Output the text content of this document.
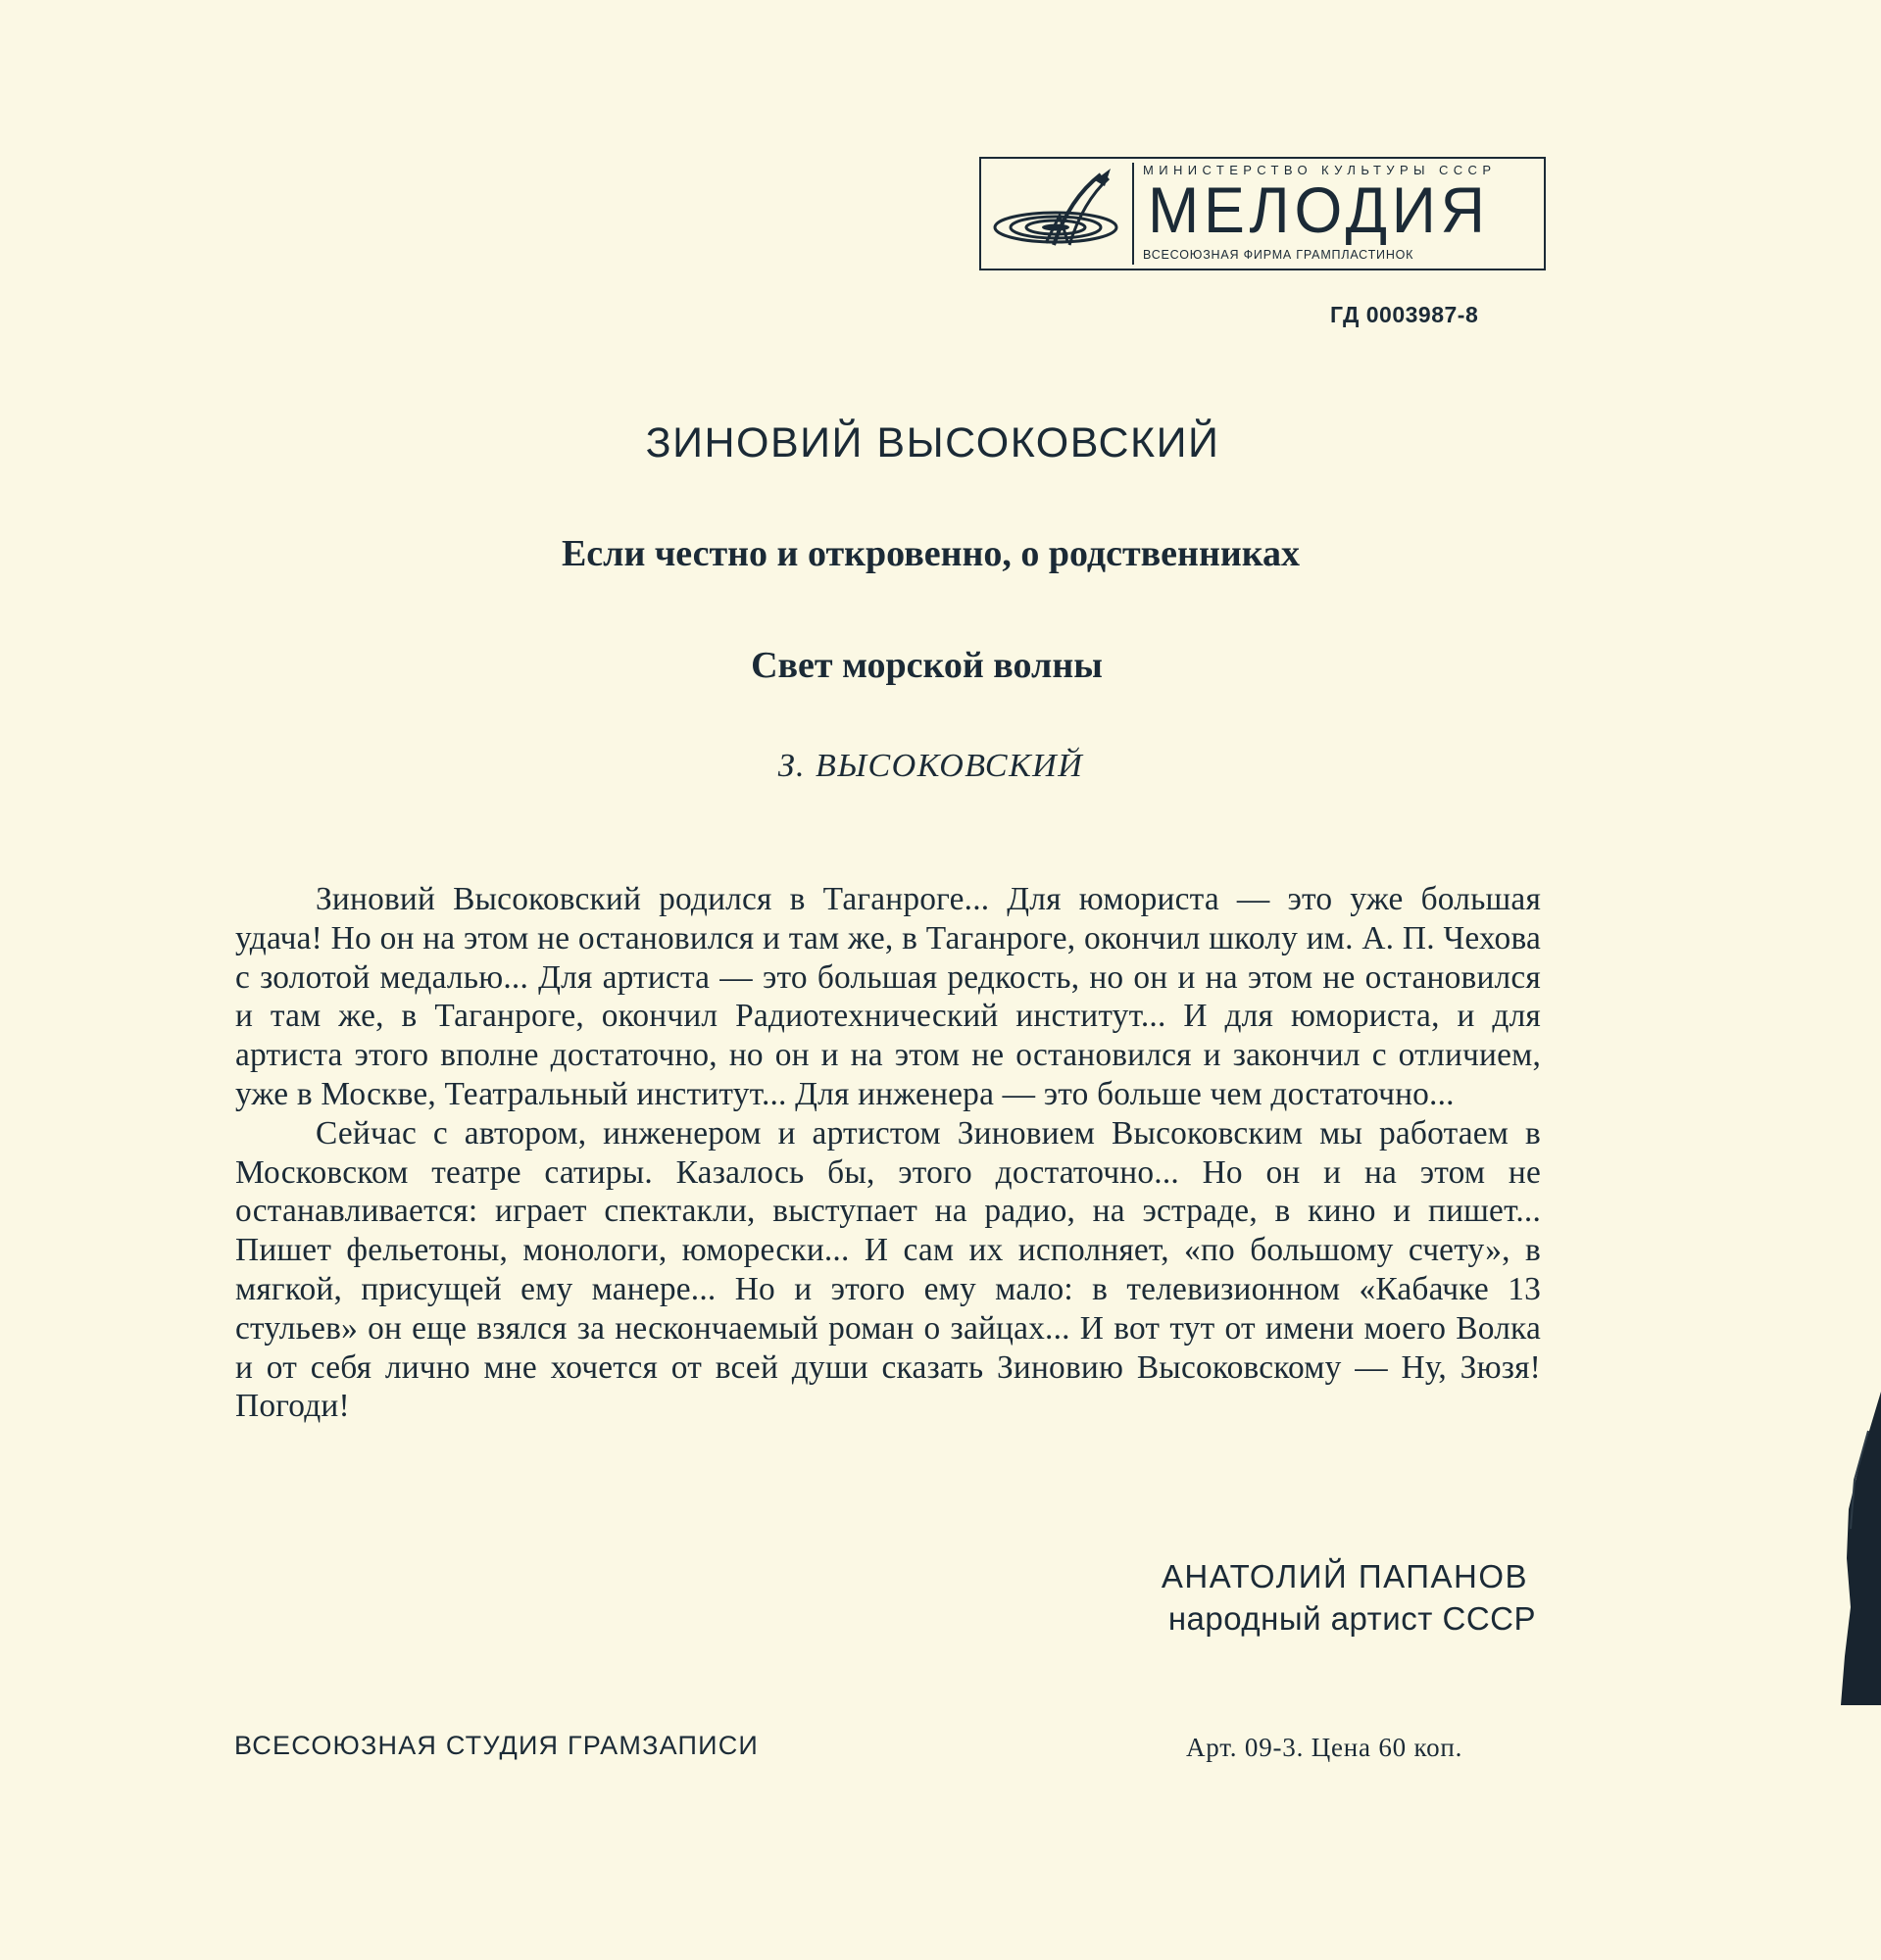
МИНИСТЕРСТВО КУЛЬТУРЫ СССР
МЕЛОДИЯ
ВСЕСОЮЗНАЯ ФИРМА ГРАМПЛАСТИНОК
ГД 0003987-8
ЗИНОВИЙ ВЫСОКОВСКИЙ
Если честно и откровенно, о родственниках
Свет морской волны
З. ВЫСОКОВСКИЙ

Зиновий Высоковский родился в Таганроге... Для юмориста — это уже большая удача! Но он на этом не остановился и там же, в Таганроге, окончил школу им. А. П. Чехова с золотой медалью... Для артиста — это большая редкость, но он и на этом не остановился и там же, в Таганроге, окончил Радиотехнический институт... И для юмориста, и для артиста этого вполне достаточно, но он и на этом не остановился и закончил с отличием, уже в Москве, Театральный институт... Для инженера — это больше чем достаточно...

Сейчас с автором, инженером и артистом Зиновием Высоковским мы работаем в Московском театре сатиры. Казалось бы, этого достаточно... Но он и на этом не останавливается: играет спектакли, выступает на радио, на эстраде, в кино и пишет... Пишет фельетоны, монологи, юморески... И сам их исполняет, «по большому счету», в мягкой, присущей ему манере... Но и этого ему мало: в телевизионном «Кабачке 13 стульев» он еще взялся за нескончаемый роман о зайцах... И вот тут от имени моего Волка и от себя лично мне хочется от всей души сказать Зиновию Высоковскому — Ну, Зюзя! Погоди!

АНАТОЛИЙ ПАПАНОВ
народный артист СССР
ВСЕСОЮЗНАЯ СТУДИЯ ГРАМЗАПИСИ	Арт. 09-3. Цена 60 коп.
